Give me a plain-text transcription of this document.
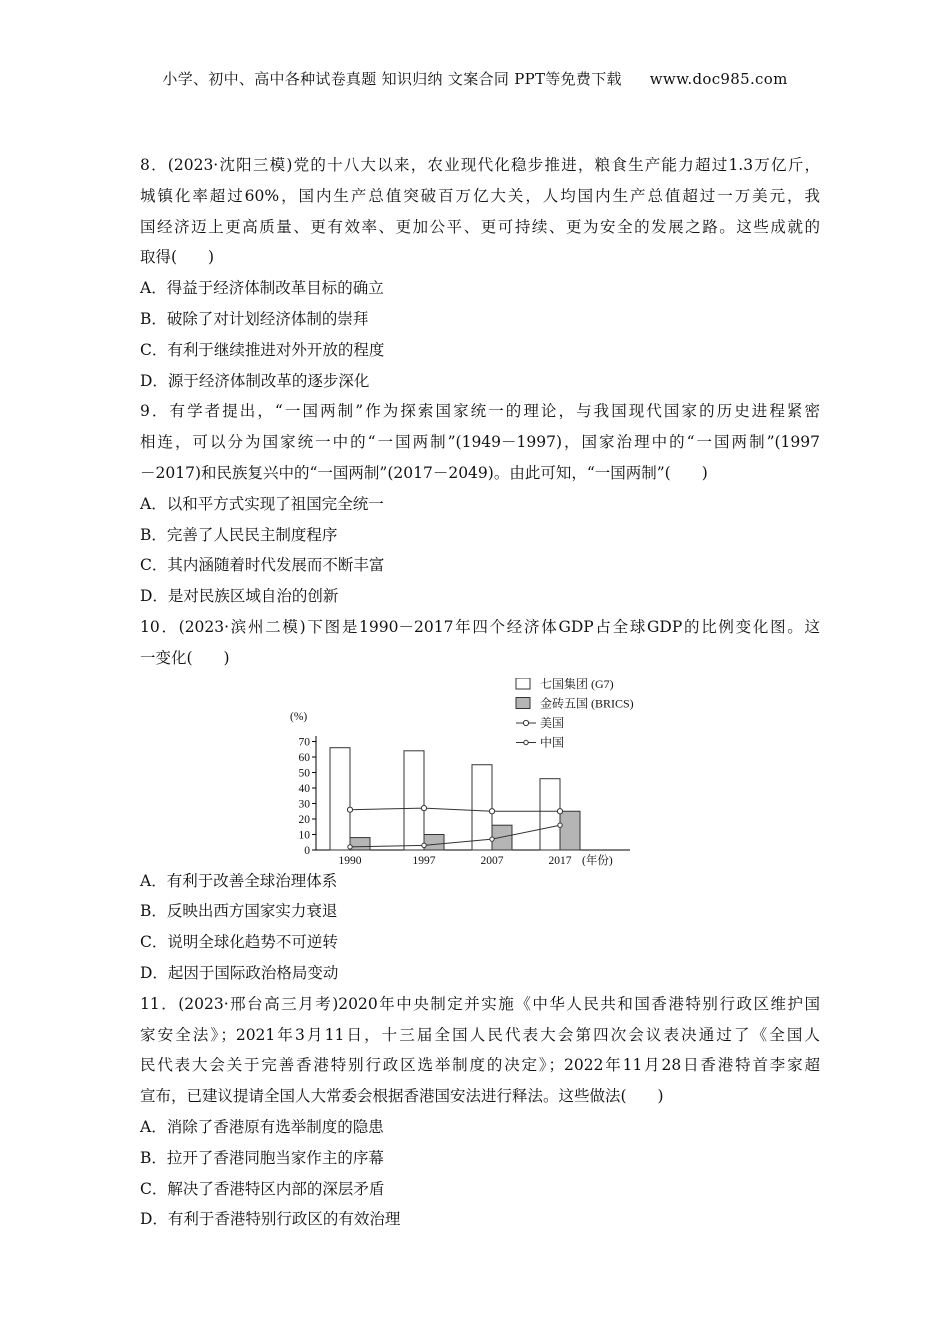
小学、初中、高中各种试卷真题 知识归纳 文案合同 PPT等免费下载 www.doc985.com

8．(2023·沈阳三模)党的十八大以来，农业现代化稳步推进，粮食生产能力超过1.3万亿斤，

城镇化率超过60%，国内生产总值突破百万亿大关，人均国内生产总值超过一万美元，我

国经济迈上更高质量、更有效率、更加公平、更可持续、更为安全的发展之路。这些成就的

取得(　　)

A．得益于经济体制改革目标的确立

B．破除了对计划经济体制的崇拜

C．有利于继续推进对外开放的程度

D．源于经济体制改革的逐步深化

9．有学者提出，“一国两制”作为探索国家统一的理论，与我国现代国家的历史进程紧密

相连，可以分为国家统一中的“一国两制”(1949－1997)，国家治理中的“一国两制”(1997

－2017)和民族复兴中的“一国两制”(2017－2049)。由此可知，“一国两制”(　　)

A．以和平方式实现了祖国完全统一

B．完善了人民民主制度程序

C．其内涵随着时代发展而不断丰富

D．是对民族区域自治的创新

10．(2023·滨州二模)下图是1990－2017年四个经济体GDP占全球GDP的比例变化图。这

一变化(　　)

0
10
20
30
40
50
60
70
(%)
1990	1997	2007	2017 (年份)
七国集团 (G7)
金砖五国 (BRICS)
美国
中国

A．有利于改善全球治理体系

B．反映出西方国家实力衰退

C．说明全球化趋势不可逆转

D．起因于国际政治格局变动

11．(2023·邢台高三月考)2020年中央制定并实施《中华人民共和国香港特别行政区维护国

家安全法》；2021年3月11日，十三届全国人民代表大会第四次会议表决通过了《全国人

民代表大会关于完善香港特别行政区选举制度的决定》；2022年11月28日香港特首李家超

宣布，已建议提请全国人大常委会根据香港国安法进行释法。这些做法(　　)

A．消除了香港原有选举制度的隐患

B．拉开了香港同胞当家作主的序幕

C．解决了香港特区内部的深层矛盾

D．有利于香港特别行政区的有效治理
